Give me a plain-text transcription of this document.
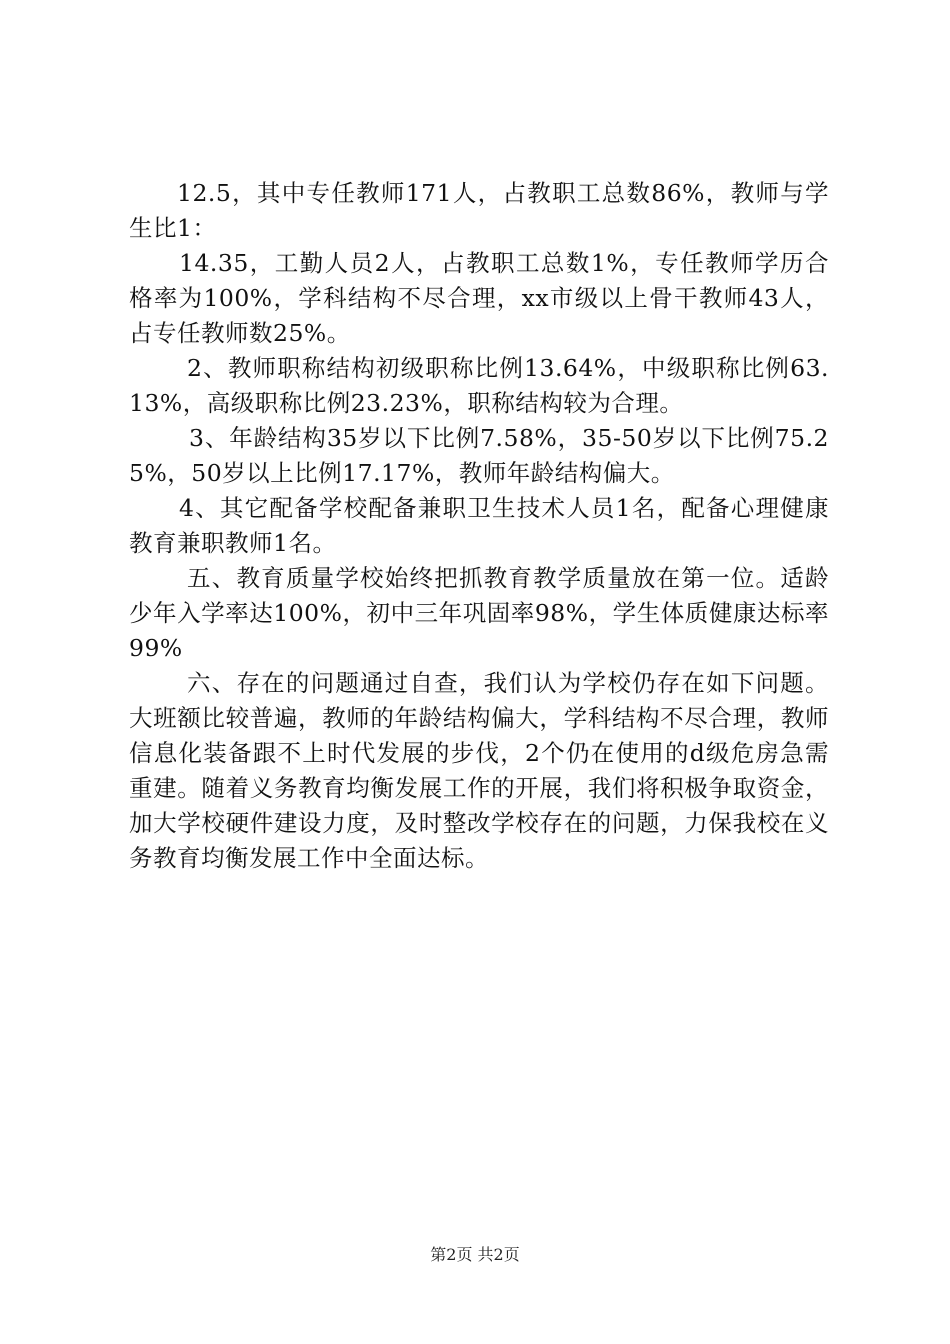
12.5，其中专任教师171人，占教职工总数86%，教师与学生比1：

14.35，工勤人员2人，占教职工总数1%，专任教师学历合格率为100%，学科结构不尽合理，xx市级以上骨干教师43人，占专任教师数25%。

2、教师职称结构初级职称比例13.64%，中级职称比例63.13%，高级职称比例23.23%，职称结构较为合理。

3、年龄结构35岁以下比例7.58%，35-50岁以下比例75.25%，50岁以上比例17.17%，教师年龄结构偏大。

4、其它配备学校配备兼职卫生技术人员1名，配备心理健康教育兼职教师1名。

五、教育质量学校始终把抓教育教学质量放在第一位。适龄少年入学率达100%，初中三年巩固率98%，学生体质健康达标率99%

六、存在的问题通过自查，我们认为学校仍存在如下问题。大班额比较普遍，教师的年龄结构偏大，学科结构不尽合理，教师信息化装备跟不上时代发展的步伐，2个仍在使用的d级危房急需重建。随着义务教育均衡发展工作的开展，我们将积极争取资金，加大学校硬件建设力度，及时整改学校存在的问题，力保我校在义务教育均衡发展工作中全面达标。

第2页 共2页
